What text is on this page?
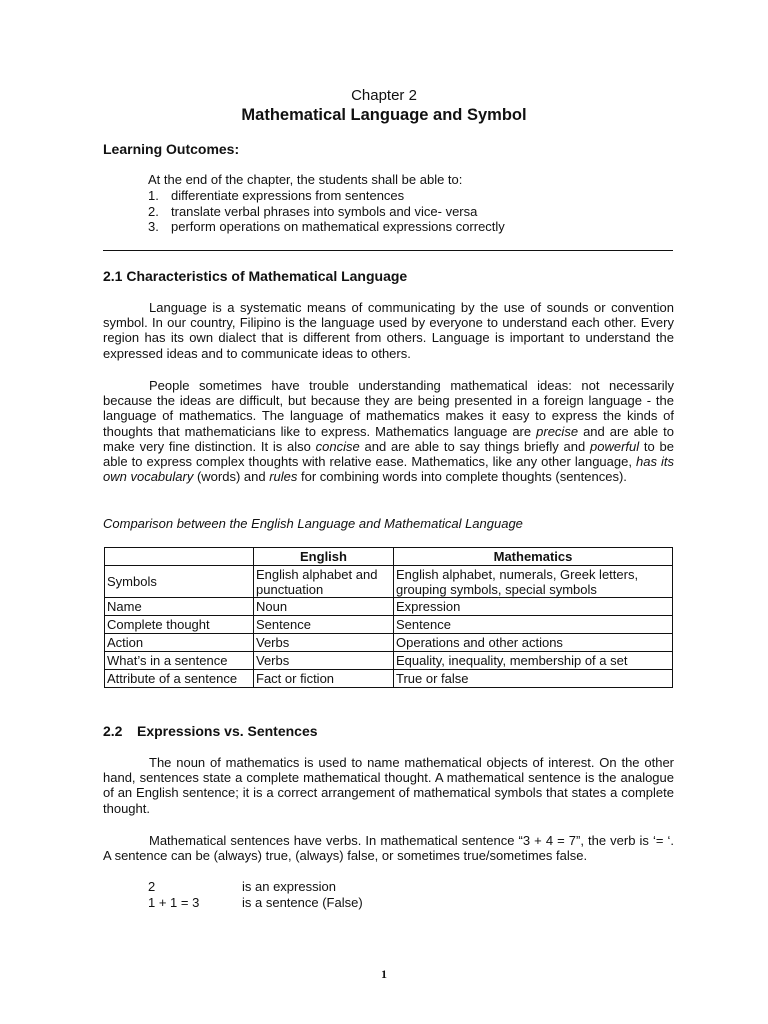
Chapter 2
Mathematical Language and Symbol
Learning Outcomes:
At the end of the chapter, the students shall be able to:
1. differentiate expressions from sentences
2. translate verbal phrases into symbols and vice- versa
3. perform operations on mathematical expressions correctly
2.1 Characteristics of Mathematical Language

Language is a systematic means of communicating by the use of sounds or convention symbol. In our country, Filipino is the language used by everyone to understand each other. Every region has its own dialect that is different from others. Language is important to understand the expressed ideas and to communicate ideas to others.

People sometimes have trouble understanding mathematical ideas: not necessarily because the ideas are difficult, but because they are being presented in a foreign language - the language of mathematics. The language of mathematics makes it easy to express the kinds of thoughts that mathematicians like to express. Mathematics language are precise and are able to make very fine distinction. It is also concise and are able to say things briefly and powerful to be able to express complex thoughts with relative ease. Mathematics, like any other language, has its own vocabulary (words) and rules for combining words into complete thoughts (sentences).

Comparison between the English Language and Mathematical Language
	English	Mathematics
Symbols	English alphabet and punctuation	English alphabet, numerals, Greek letters, grouping symbols, special symbols
Name	Noun	Expression
Complete thought	Sentence	Sentence
Action	Verbs	Operations and other actions
What’s in a sentence	Verbs	Equality, inequality, membership of a set
Attribute of a sentence	Fact or fiction	True or false
2.2 Expressions vs. Sentences

The noun of mathematics is used to name mathematical objects of interest. On the other hand, sentences state a complete mathematical thought. A mathematical sentence is the analogue of an English sentence; it is a correct arrangement of mathematical symbols that states a complete thought.

Mathematical sentences have verbs. In mathematical sentence “3 + 4 = 7”, the verb is ‘= ‘. A sentence can be (always) true, (always) false, or sometimes true/sometimes false.

2	is an expression
1 + 1 = 3	is a sentence (False)
1
